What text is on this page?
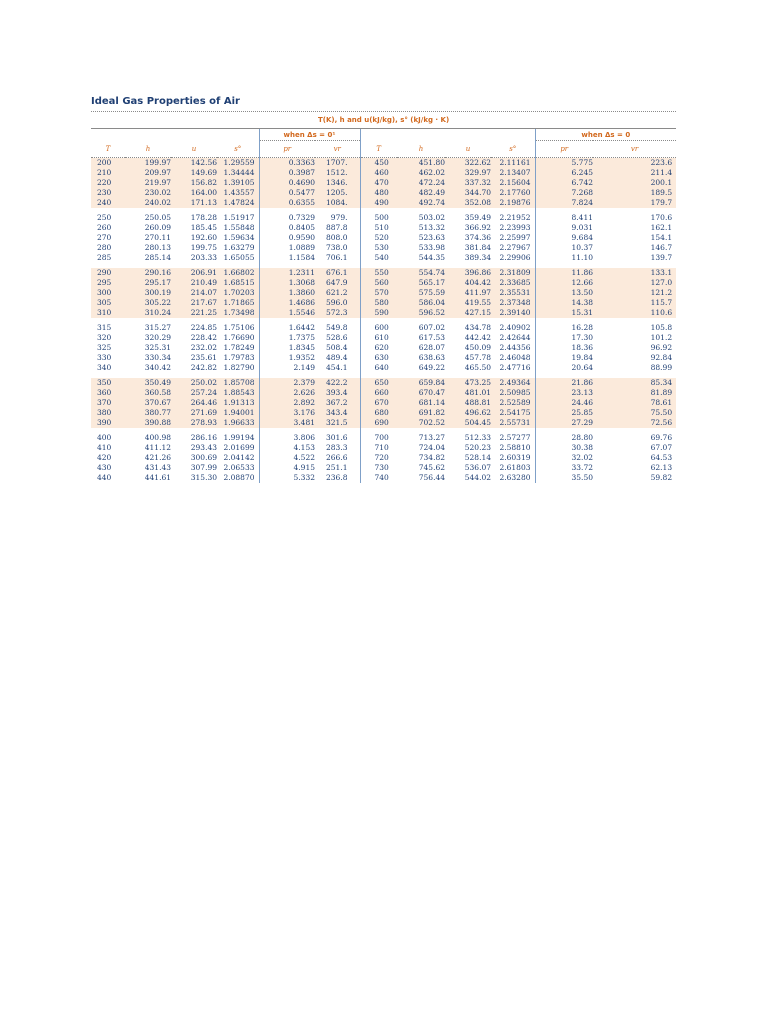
Ideal Gas Properties of Air
T(K), h and u(kJ/kg), s° (kJ/kg · K)											
				when Δs = 0¹						when Δs = 0	
T	h	u	s°	pr	vr	T	h	u	s°	pr	vr
200	199.97	142.56	1.29559	0.3363	1707.	450	451.80	322.62	2.11161	5.775	223.6
210	209.97	149.69	1.34444	0.3987	1512.	460	462.02	329.97	2.13407	6.245	211.4
220	219.97	156.82	1.39105	0.4690	1346.	470	472.24	337.32	2.15604	6.742	200.1
230	230.02	164.00	1.43557	0.5477	1205.	480	482.49	344.70	2.17760	7.268	189.5
240	240.02	171.13	1.47824	0.6355	1084.	490	492.74	352.08	2.19876	7.824	179.7

250	250.05	178.28	1.51917	0.7329	979.	500	503.02	359.49	2.21952	8.411	170.6
260	260.09	185.45	1.55848	0.8405	887.8	510	513.32	366.92	2.23993	9.031	162.1
270	270.11	192.60	1.59634	0.9590	808.0	520	523.63	374.36	2.25997	9.684	154.1
280	280.13	199.75	1.63279	1.0889	738.0	530	533.98	381.84	2.27967	10.37	146.7
285	285.14	203.33	1.65055	1.1584	706.1	540	544.35	389.34	2.29906	11.10	139.7

290	290.16	206.91	1.66802	1.2311	676.1	550	554.74	396.86	2.31809	11.86	133.1
295	295.17	210.49	1.68515	1.3068	647.9	560	565.17	404.42	2.33685	12.66	127.0
300	300.19	214.07	1.70203	1.3860	621.2	570	575.59	411.97	2.35531	13.50	121.2
305	305.22	217.67	1.71865	1.4686	596.0	580	586.04	419.55	2.37348	14.38	115.7
310	310.24	221.25	1.73498	1.5546	572.3	590	596.52	427.15	2.39140	15.31	110.6

315	315.27	224.85	1.75106	1.6442	549.8	600	607.02	434.78	2.40902	16.28	105.8
320	320.29	228.42	1.76690	1.7375	528.6	610	617.53	442.42	2.42644	17.30	101.2
325	325.31	232.02	1.78249	1.8345	508.4	620	628.07	450.09	2.44356	18.36	96.92
330	330.34	235.61	1.79783	1.9352	489.4	630	638.63	457.78	2.46048	19.84	92.84
340	340.42	242.82	1.82790	2.149	454.1	640	649.22	465.50	2.47716	20.64	88.99

350	350.49	250.02	1.85708	2.379	422.2	650	659.84	473.25	2.49364	21.86	85.34
360	360.58	257.24	1.88543	2.626	393.4	660	670.47	481.01	2.50985	23.13	81.89
370	370.67	264.46	1.91313	2.892	367.2	670	681.14	488.81	2.52589	24.46	78.61
380	380.77	271.69	1.94001	3.176	343.4	680	691.82	496.62	2.54175	25.85	75.50
390	390.88	278.93	1.96633	3.481	321.5	690	702.52	504.45	2.55731	27.29	72.56

400	400.98	286.16	1.99194	3.806	301.6	700	713.27	512.33	2.57277	28.80	69.76
410	411.12	293.43	2.01699	4.153	283.3	710	724.04	520.23	2.58810	30.38	67.07
420	421.26	300.69	2.04142	4.522	266.6	720	734.82	528.14	2.60319	32.02	64.53
430	431.43	307.99	2.06533	4.915	251.1	730	745.62	536.07	2.61803	33.72	62.13
440	441.61	315.30	2.08870	5.332	236.8	740	756.44	544.02	2.63280	35.50	59.82
